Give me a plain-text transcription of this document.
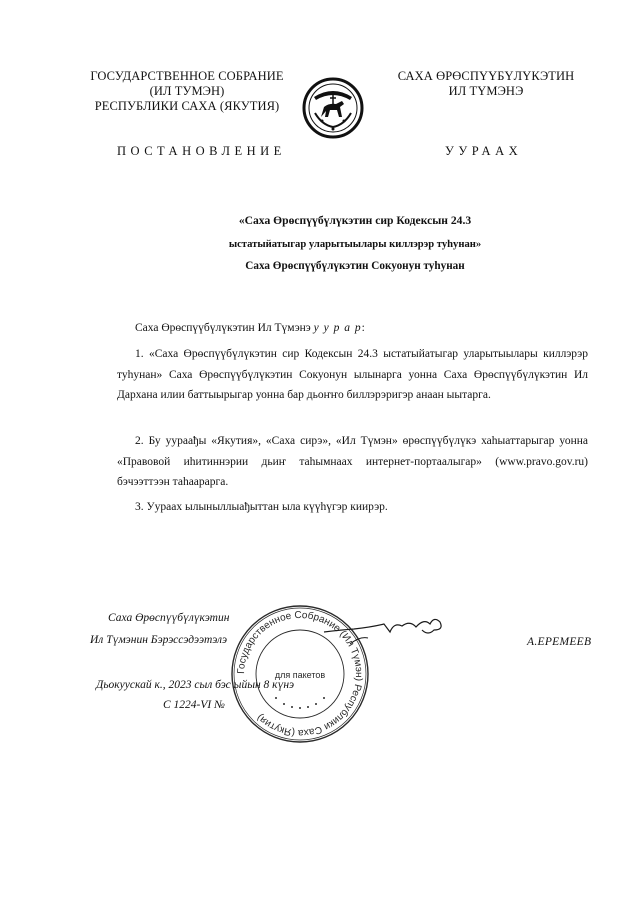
ГОСУДАРСТВЕННОЕ СОБРАНИЕ
(ИЛ ТУМЭН)
РЕСПУБЛИКИ САХА (ЯКУТИЯ)
САХА ӨРӨСПҮҮБҮЛҮКЭТИН
ИЛ ТҮМЭНЭ
ПОСТАНОВЛЕНИЕ	УУРААХ
«Саха Өрөспүүбүлүкэтин сир Кодексын 24.3
ыстатыйатыгар уларытыылары киллэрэр туһунан»
Саха Өрөспүүбүлүкэтин Сокуонун туһунан
Саха Өрөспүүбүлүкэтин Ил Түмэнэ у у р а р:
1. «Саха Өрөспүүбүлүкэтин сир Кодексын 24.3 ыстатыйатыгар уларытыылары киллэрэр туһунан» Саха Өрөспүүбүлүкэтин Сокуонун ылынарга уонна Саха Өрөспүүбүлүкэтин Ил Дархана илии баттыырыгар уонна бар дьоҥҥо биллэрэригэр анаан ыытарга.
2. Бу уураађы «Якутия», «Саха сирэ», «Ил Түмэн» өрөспүүбүлүкэ хаһыаттарыгар уонна «Правовой иһитиннэрии дьиҥ таһымнаах интернет-портаалыгар» (www.pravo.gov.ru) бэчээттээн таһаарарга.
3. Уураах ылыныллыађыттан ыла күүһүгэр киирэр.
Государственное Собрание (Ил Түмэн) Республики Саха (Якутия)
для пакетов
Саха Өрөспүүбүлүкэтин
Ил Түмэнин Бэрэссэдээтэлэ	А.ЕРЕМЕЕВ
Дьокуускай к., 2023 сыл бэс ыйын 8 күнэ
С 1224-VI №
